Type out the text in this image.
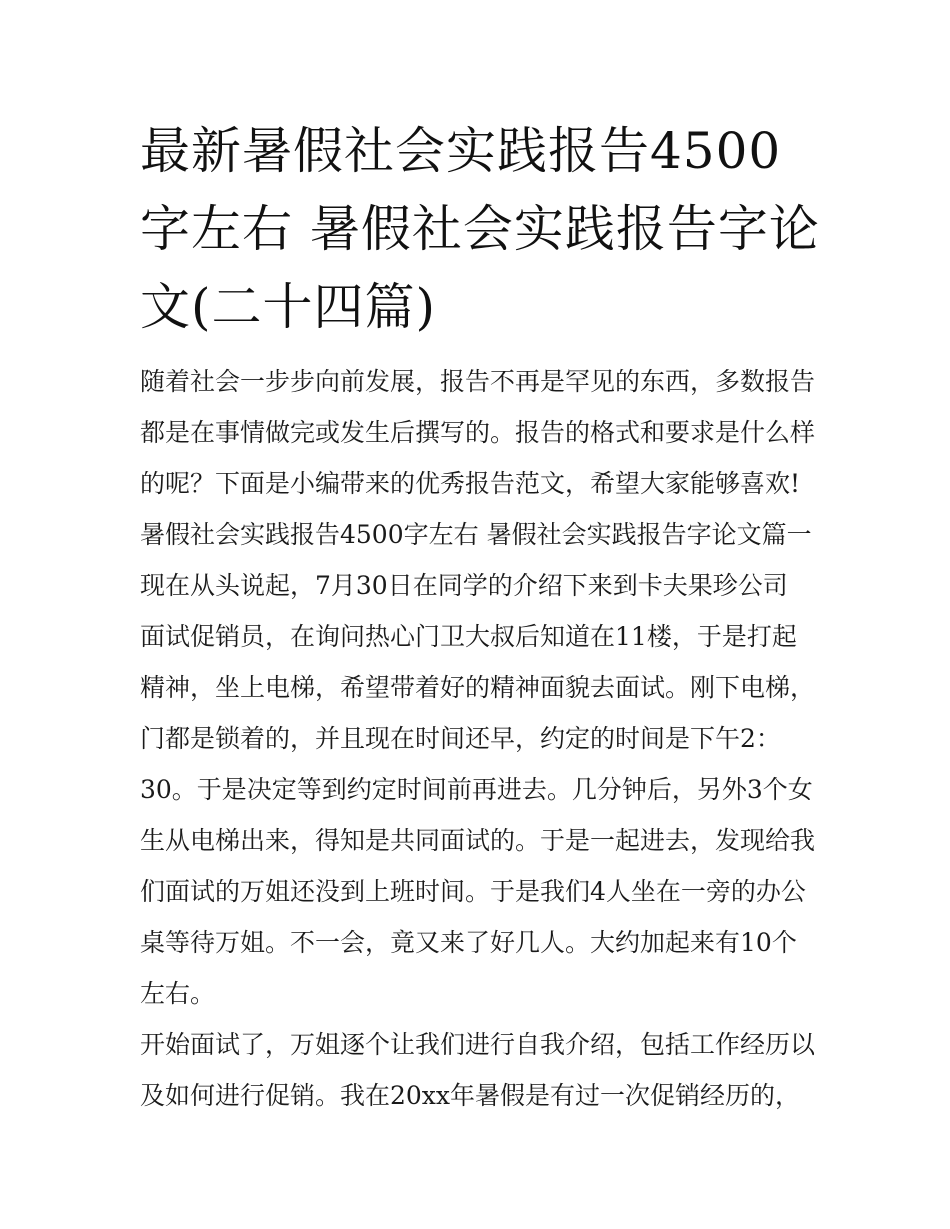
最新暑假社会实践报告4500
字左右 暑假社会实践报告字论
文(二十四篇)
随着社会一步步向前发展，报告不再是罕见的东西，多数报告
都是在事情做完或发生后撰写的。报告的格式和要求是什么样
的呢？下面是小编带来的优秀报告范文，希望大家能够喜欢!
暑假社会实践报告4500字左右 暑假社会实践报告字论文篇一
现在从头说起，7月30日在同学的介绍下来到卡夫果珍公司
面试促销员，在询问热心门卫大叔后知道在11楼，于是打起
精神，坐上电梯，希望带着好的精神面貌去面试。刚下电梯，
门都是锁着的，并且现在时间还早，约定的时间是下午2：
30。于是决定等到约定时间前再进去。几分钟后，另外3个女
生从电梯出来，得知是共同面试的。于是一起进去，发现给我
们面试的万姐还没到上班时间。于是我们4人坐在一旁的办公
桌等待万姐。不一会，竟又来了好几人。大约加起来有10个
左右。
开始面试了，万姐逐个让我们进行自我介绍，包括工作经历以
及如何进行促销。我在20xx年暑假是有过一次促销经历的，
